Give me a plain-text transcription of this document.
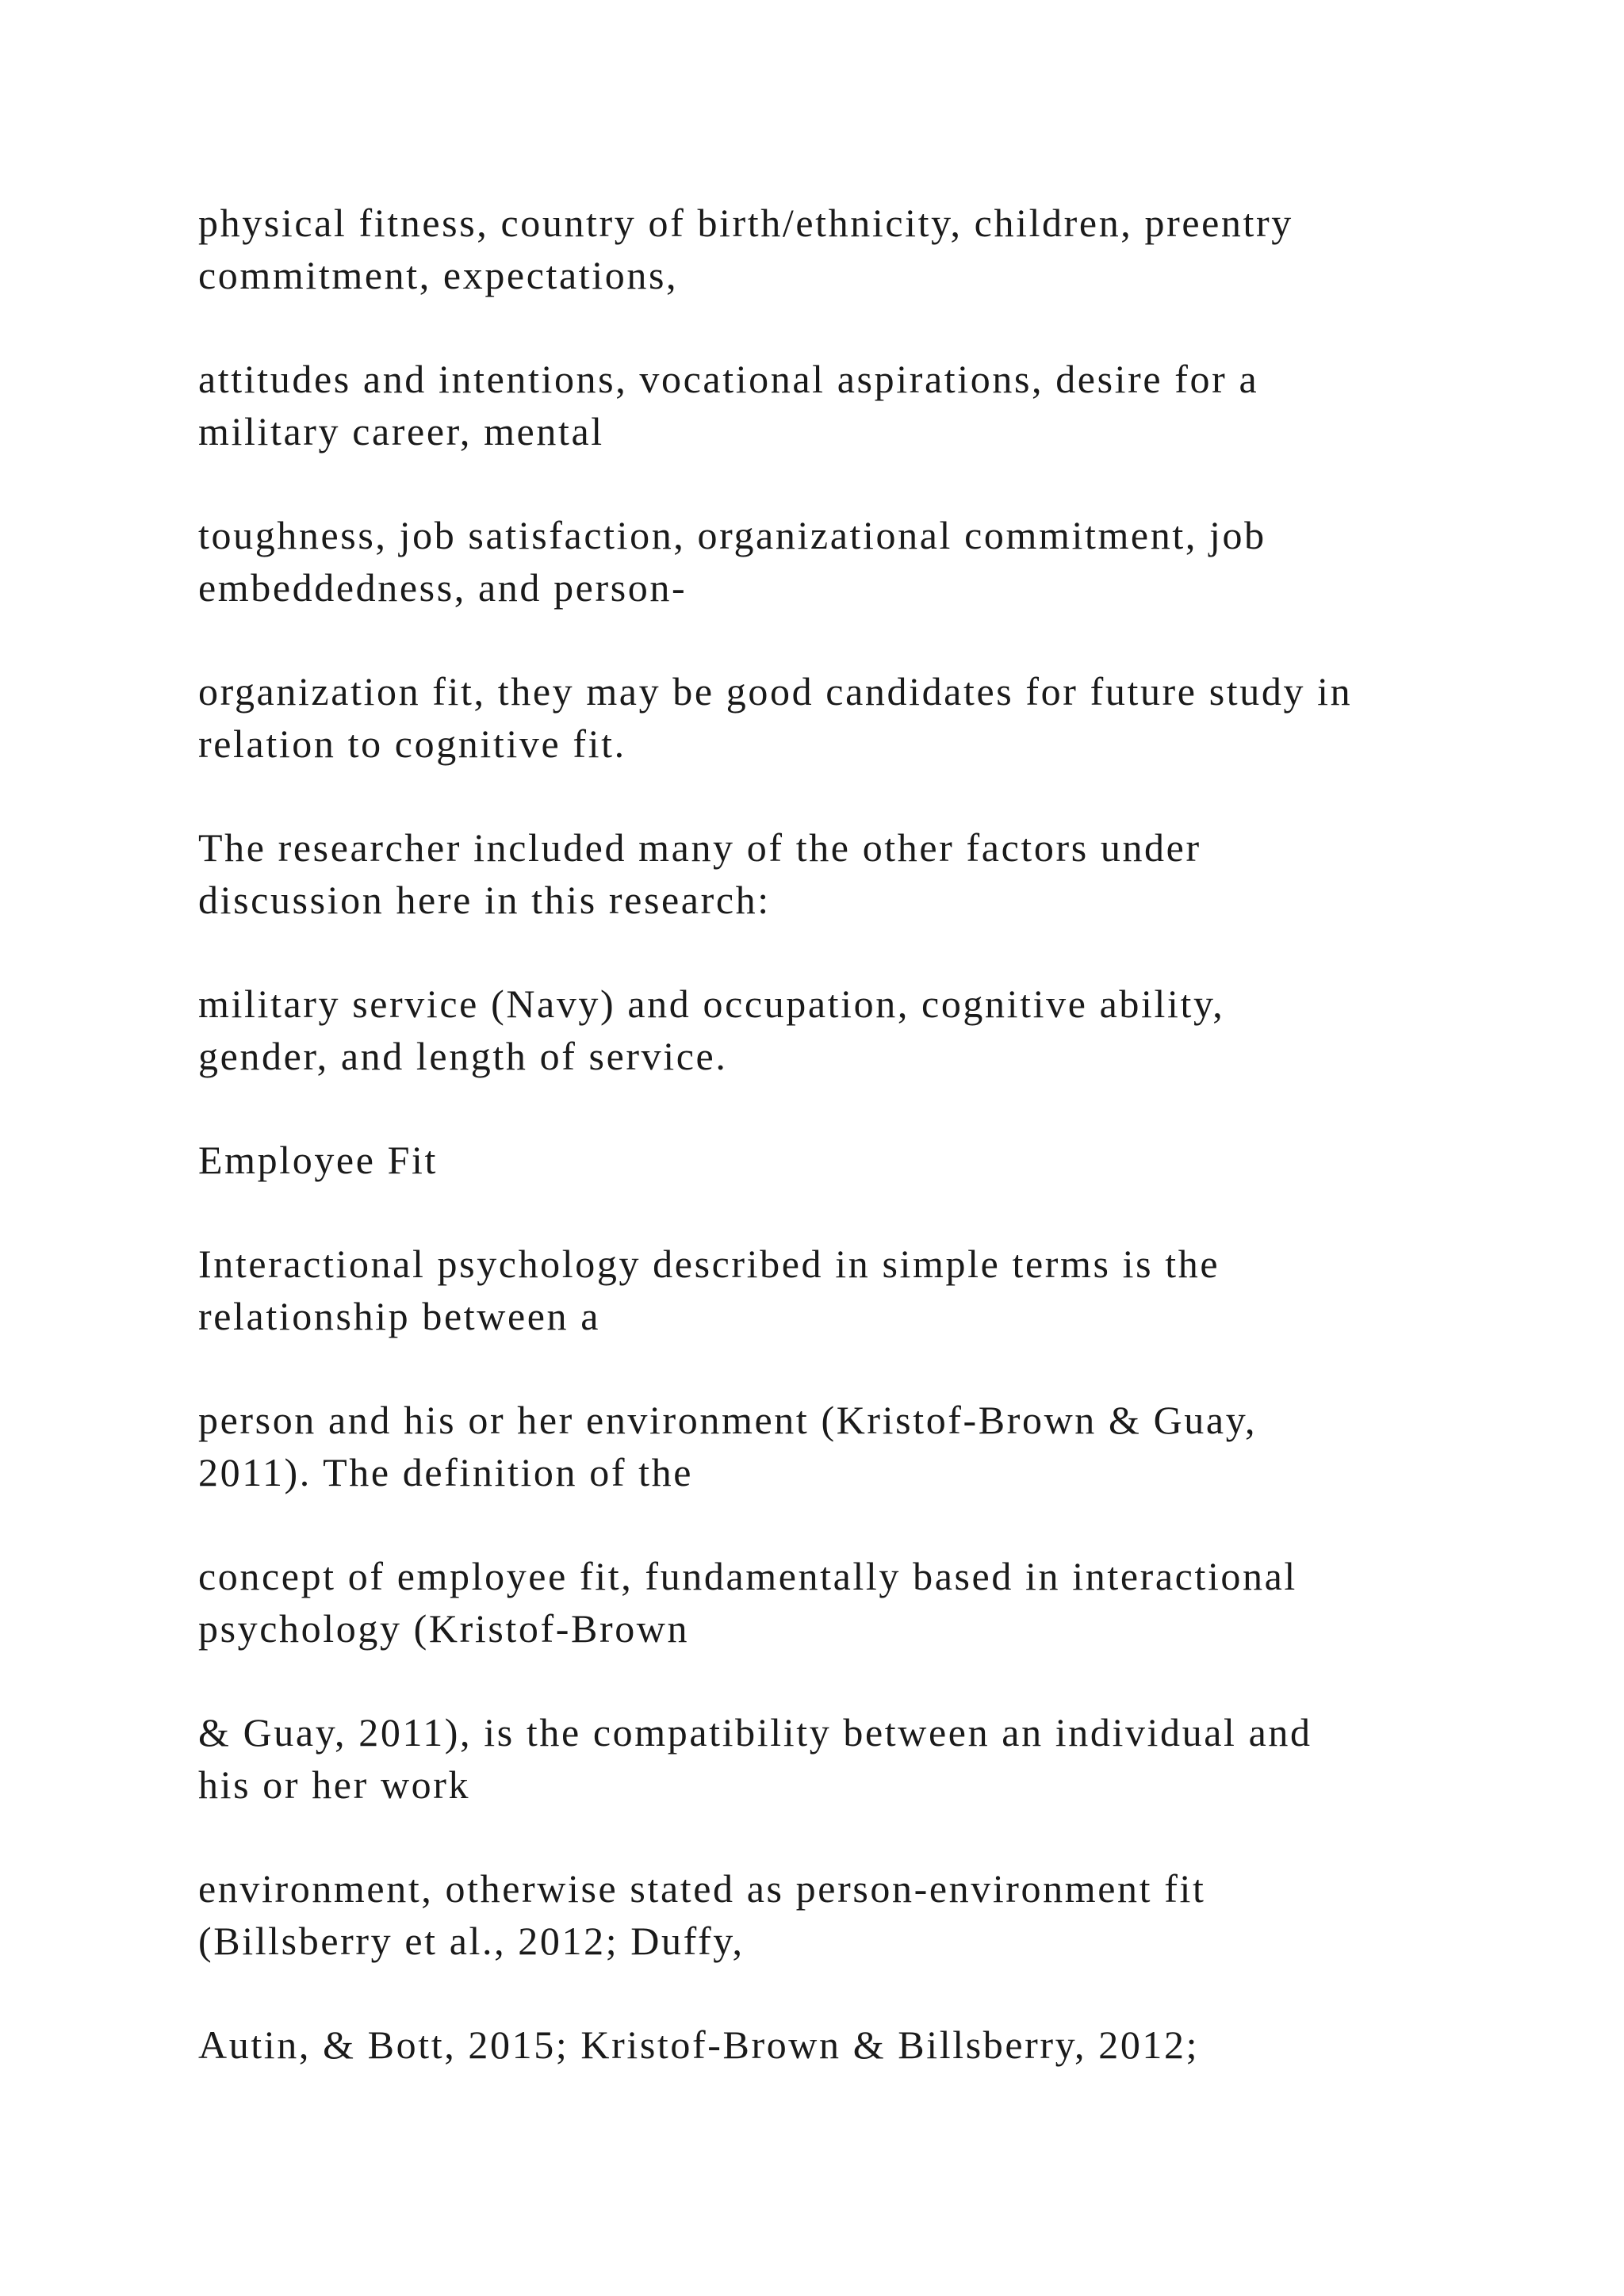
physical fitness, country of birth/ethnicity, children, preentry
commitment, expectations,

attitudes and intentions, vocational aspirations, desire for a
military career, mental

toughness, job satisfaction, organizational commitment, job
embeddedness, and person-

organization fit, they may be good candidates for future study in
relation to cognitive fit.

The researcher included many of the other factors under
discussion here in this research:

military service (Navy) and occupation, cognitive ability,
gender, and length of service.

Employee Fit

Interactional psychology described in simple terms is the
relationship between a

person and his or her environment (Kristof-Brown & Guay,
2011). The definition of the

concept of employee fit, fundamentally based in interactional
psychology (Kristof-Brown

& Guay, 2011), is the compatibility between an individual and
his or her work

environment, otherwise stated as person-environment fit
(Billsberry et al., 2012; Duffy,

Autin, & Bott, 2015; Kristof-Brown & Billsberry, 2012;
